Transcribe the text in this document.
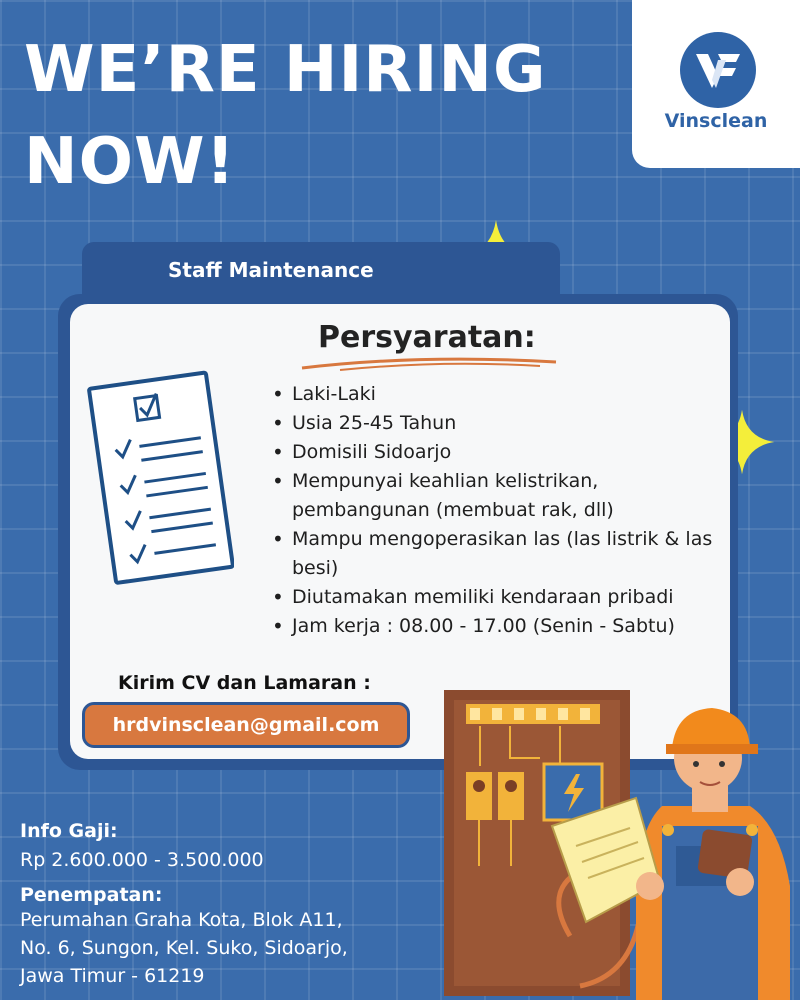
WE’RE HIRING
NOW!
Vinsclean
Staff Maintenance
Persyaratan:
• Laki-Laki
• Usia 25-45 Tahun
• Domisili Sidoarjo
• Mempunyai keahlian kelistrikan, pembangunan (membuat rak, dll)
• Mampu mengoperasikan las (las listrik & las besi)
• Diutamakan memiliki kendaraan pribadi
• Jam kerja : 08.00 - 17.00 (Senin - Sabtu)
Kirim CV dan Lamaran :
hrdvinsclean@gmail.com
Info Gaji:
Rp 2.600.000 - 3.500.000
Penempatan:
Perumahan Graha Kota, Blok A11,
No. 6, Sungon, Kel. Suko, Sidoarjo,
Jawa Timur - 61219
